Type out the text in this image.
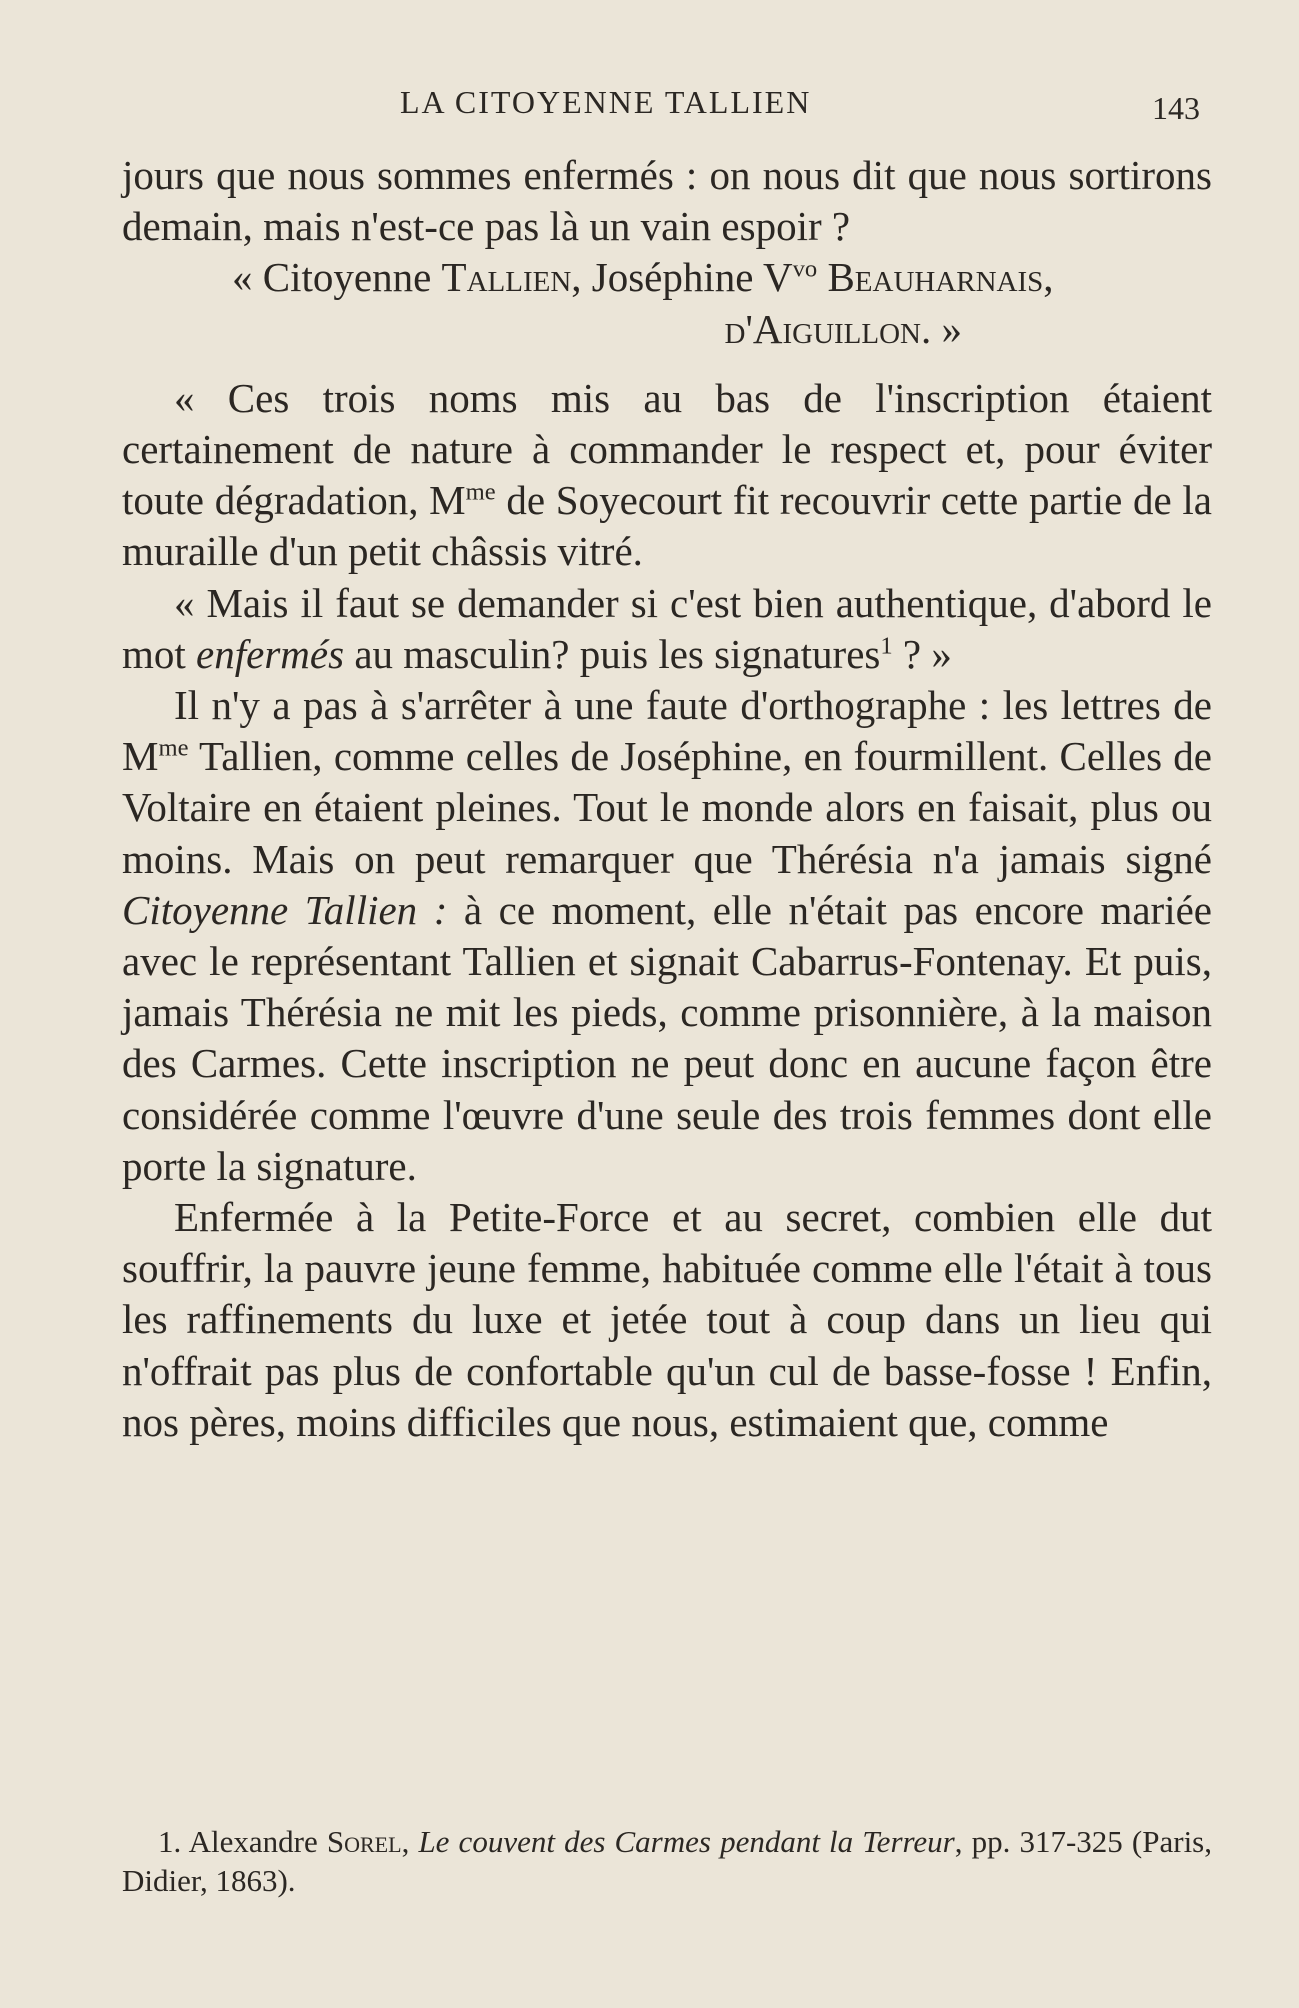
LA CITOYENNE TALLIEN	143

jours que nous sommes enfermés : on nous dit que nous sortirons demain, mais n'est-ce pas là un vain espoir ?

« Citoyenne Tallien, Joséphine $V^{vo}$ Beauharnais,

d'Aiguillon. »

« Ces trois noms mis au bas de l'inscription étaient certainement de nature à commander le respect et, pour éviter toute dégradation, $M^{me}$ de Soyecourt fit recouvrir cette partie de la muraille d'un petit châssis vitré.

« Mais il faut se demander si c'est bien authentique, d'abord le mot enfermés au masculin? puis les signatures$^1$ ? »

Il n'y a pas à s'arrêter à une faute d'orthographe : les lettres de $M^{me}$ Tallien, comme celles de Joséphine, en fourmillent. Celles de Voltaire en étaient pleines. Tout le monde alors en faisait, plus ou moins. Mais on peut remarquer que Thérésia n'a jamais signé Citoyenne Tallien : à ce moment, elle n'était pas encore mariée avec le représentant Tallien et signait Cabarrus-Fontenay. Et puis, jamais Thérésia ne mit les pieds, comme prisonnière, à la maison des Carmes. Cette inscription ne peut donc en aucune façon être considérée comme l'œuvre d'une seule des trois femmes dont elle porte la signature.

Enfermée à la Petite-Force et au secret, combien elle dut souffrir, la pauvre jeune femme, habituée comme elle l'était à tous les raffinements du luxe et jetée tout à coup dans un lieu qui n'offrait pas plus de confortable qu'un cul de basse-fosse ! Enfin, nos pères, moins difficiles que nous, estimaient que, comme

1. Alexandre Sorel, Le couvent des Carmes pendant la Terreur, pp. 317-325 (Paris, Didier, 1863).
